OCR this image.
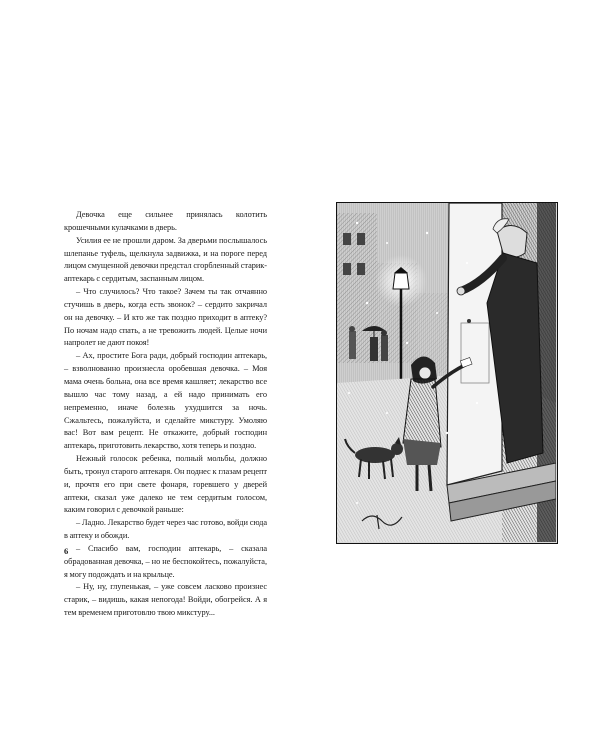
Девочка еще сильнее принялась колотить крошечными кулачками в дверь.

Усилия ее не прошли даром. За дверьми послышалось шлепанье туфель, щелкнула задвижка, и на пороге перед лицом смущенной девочки предстал сгорбленный старик-аптекарь с сердитым, заспанным лицом.

– Что случилось? Что такое? Зачем ты так отчаянно стучишь в дверь, когда есть звонок? – сердито закричал он на девочку. – И кто же так поздно приходит в аптеку? По ночам надо спать, а не тревожить людей. Целые ночи напролет не дают покоя!

– Ах, простите Бога ради, добрый господин аптекарь, – взволнованно произнесла оробевшая девочка. – Моя мама очень больна, она все время кашляет; лекарство все вышло час тому назад, а ей надо принимать его непременно, иначе болезнь ухудшится за ночь. Сжальтесь, пожалуйста, и сделайте микстуру. Умоляю вас! Вот вам рецепт. Не откажите, добрый господин аптекарь, приготовить лекарство, хотя теперь и поздно.

Нежный голосок ребенка, полный мольбы, должно быть, тронул старого аптекаря. Он поднес к глазам рецепт и, прочтя его при свете фонаря, горевшего у дверей аптеки, сказал уже далеко не тем сердитым голосом, каким говорил с девочкой раньше:

– Ладно. Лекарство будет через час готово, войди сюда в аптеку и обожди.

– Спасибо вам, господин аптекарь, – сказала обрадованная девочка, – но не беспокойтесь, пожалуйста, я могу подождать и на крыльце.

– Ну, ну, глупенькая, – уже совсем ласково произнес старик, – видишь, какая непогода! Войди, обогрейся. А я тем временем приготовлю твою микстуру...

6
